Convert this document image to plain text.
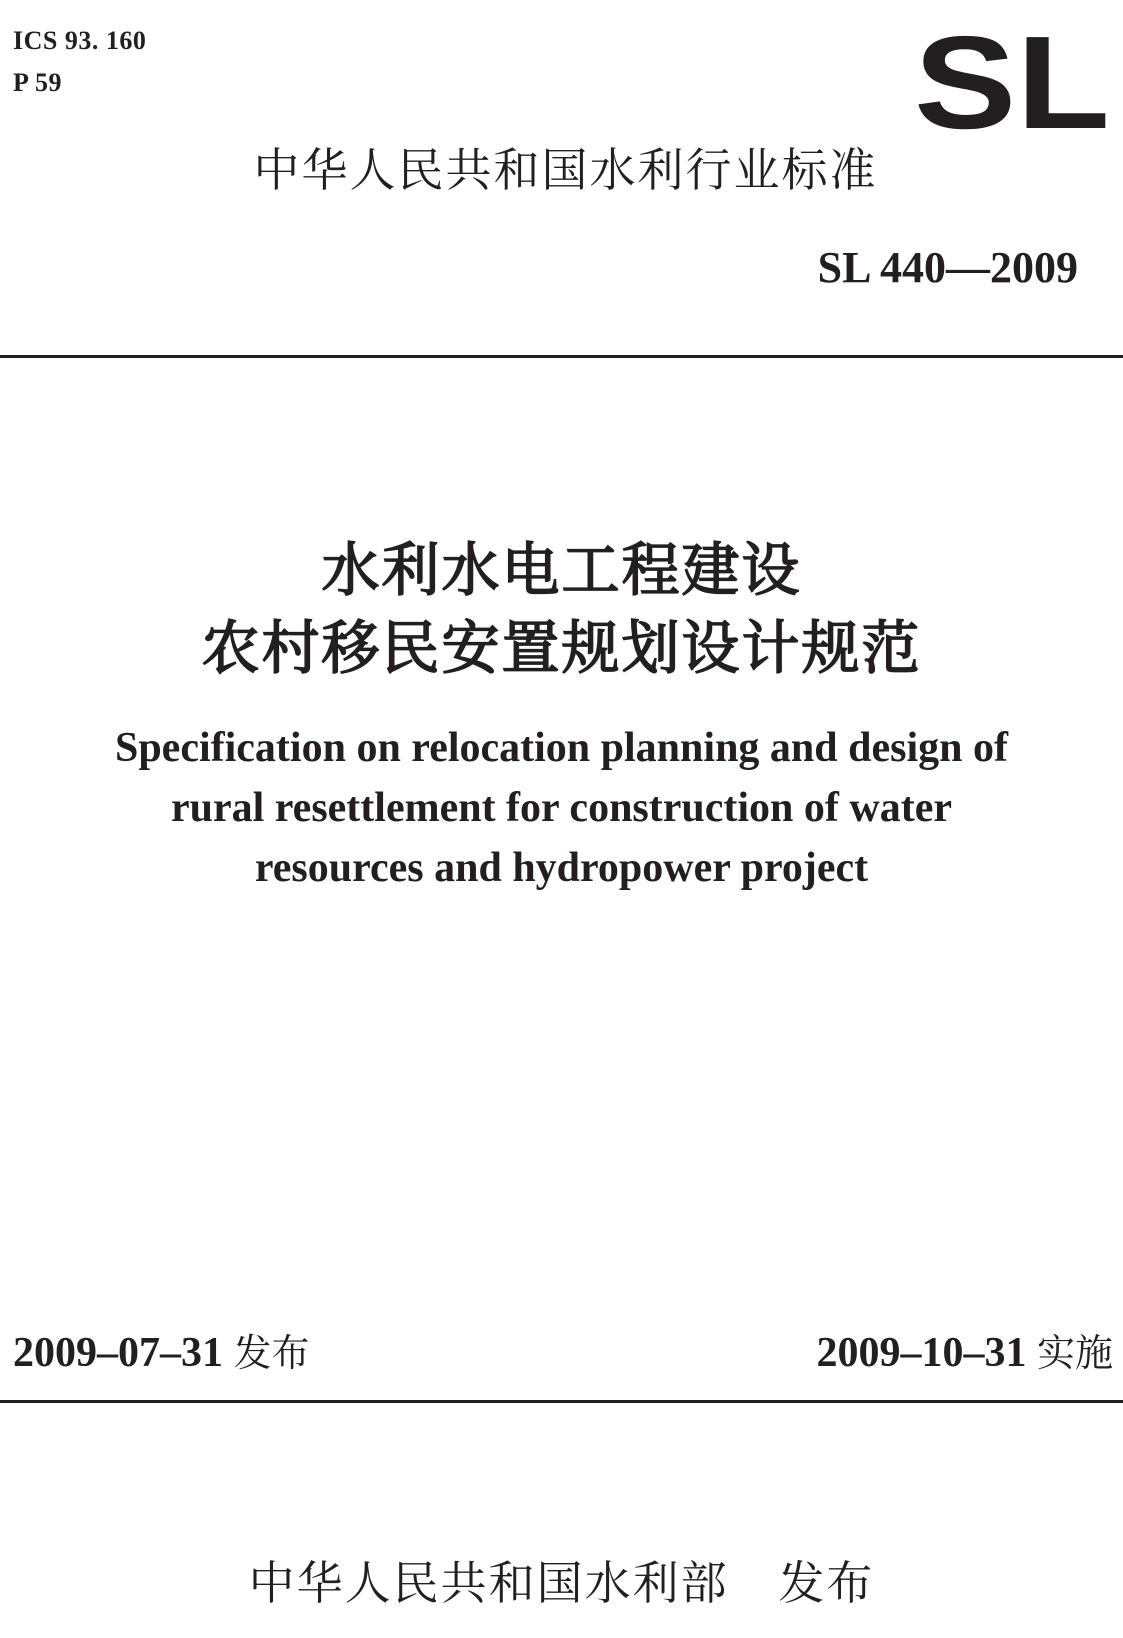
ICS 93. 160
P 59	SL
中华人民共和国水利行业标准
SL 440—2009
水利水电工程建设
农村移民安置规划设计规范
Specification on relocation planning and design of
rural resettlement for construction of water
resources and hydropower project
2009–07–31 发布	2009–10–31 实施
中华人民共和国水利部   发布
